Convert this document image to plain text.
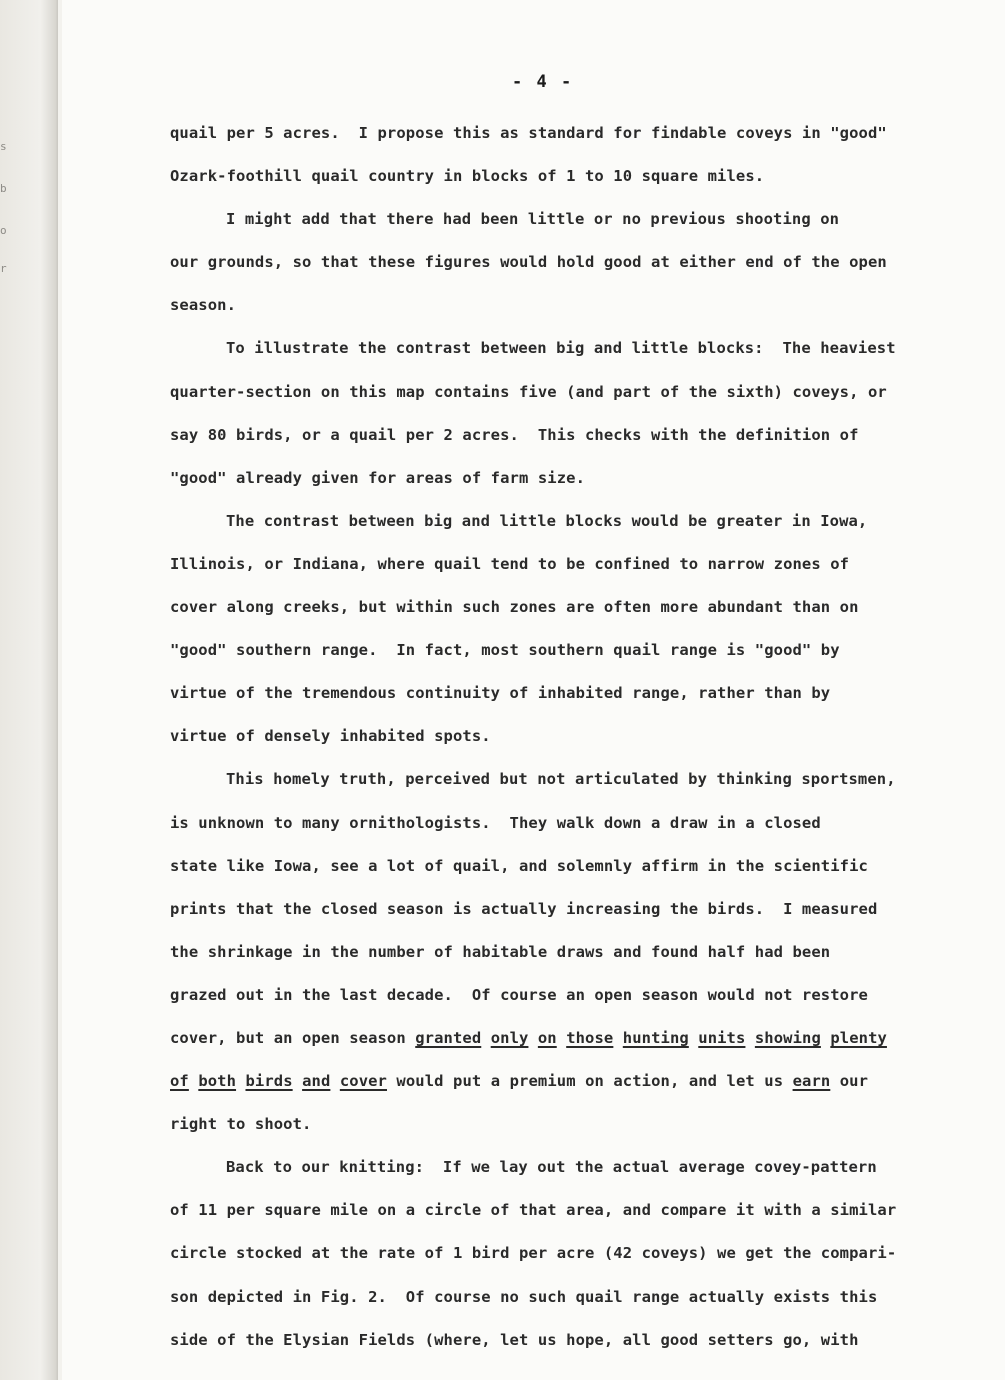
s
b
o
r
- 4 -
quail per 5 acres.  I propose this as standard for findable coveys in "good"
Ozark-foothill quail country in blocks of 1 to 10 square miles.
I might add that there had been little or no previous shooting on
our grounds, so that these figures would hold good at either end of the open
season.
To illustrate the contrast between big and little blocks:  The heaviest
quarter-section on this map contains five (and part of the sixth) coveys, or
say 80 birds, or a quail per 2 acres.  This checks with the definition of
"good" already given for areas of farm size.
The contrast between big and little blocks would be greater in Iowa,
Illinois, or Indiana, where quail tend to be confined to narrow zones of
cover along creeks, but within such zones are often more abundant than on
"good" southern range.  In fact, most southern quail range is "good" by
virtue of the tremendous continuity of inhabited range, rather than by
virtue of densely inhabited spots.
This homely truth, perceived but not articulated by thinking sportsmen,
is unknown to many ornithologists.  They walk down a draw in a closed
state like Iowa, see a lot of quail, and solemnly affirm in the scientific
prints that the closed season is actually increasing the birds.  I measured
the shrinkage in the number of habitable draws and found half had been
grazed out in the last decade.  Of course an open season would not restore
cover, but an open season granted only on those hunting units showing plenty
of both birds and cover would put a premium on action, and let us earn our
right to shoot.
Back to our knitting:  If we lay out the actual average covey-pattern
of 11 per square mile on a circle of that area, and compare it with a similar
circle stocked at the rate of 1 bird per acre (42 coveys) we get the compari-
son depicted in Fig. 2.  Of course no such quail range actually exists this
side of the Elysian Fields (where, let us hope, all good setters go, with
